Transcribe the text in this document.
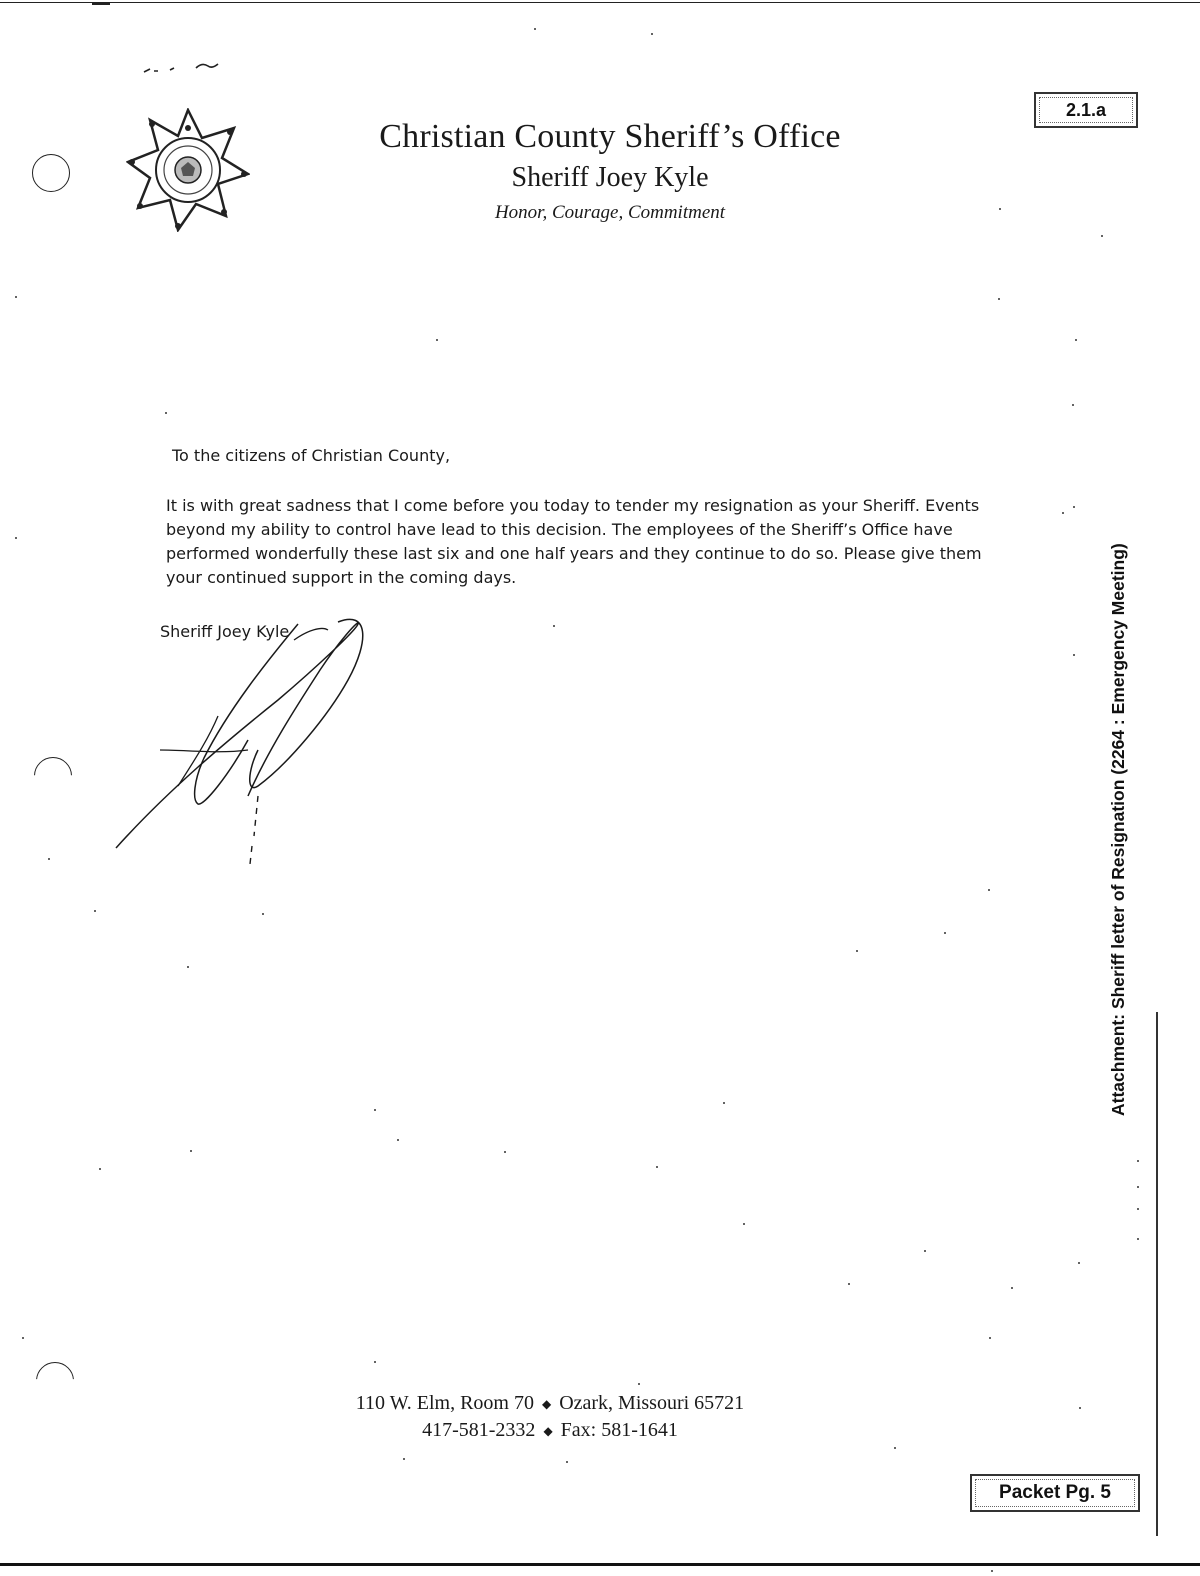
Christian County Sheriff’s Office
Sheriff Joey Kyle
Honor, Courage, Commitment
2.1.a
Attachment: Sheriff letter of Resignation (2264 : Emergency Meeting)
To the citizens of Christian County,
It is with great sadness that I come before you today to tender my resignation as your Sheriff. Events
beyond my ability to control have lead to this decision. The employees of the Sheriff’s Office have
performed wonderfully these last six and one half years and they continue to do so. Please give them
your continued support in the coming days.
Sheriff Joey Kyle
110 W. Elm, Room 70 ◆ Ozark, Missouri 65721
417-581-2332 ◆ Fax: 581-1641
Packet Pg. 5
